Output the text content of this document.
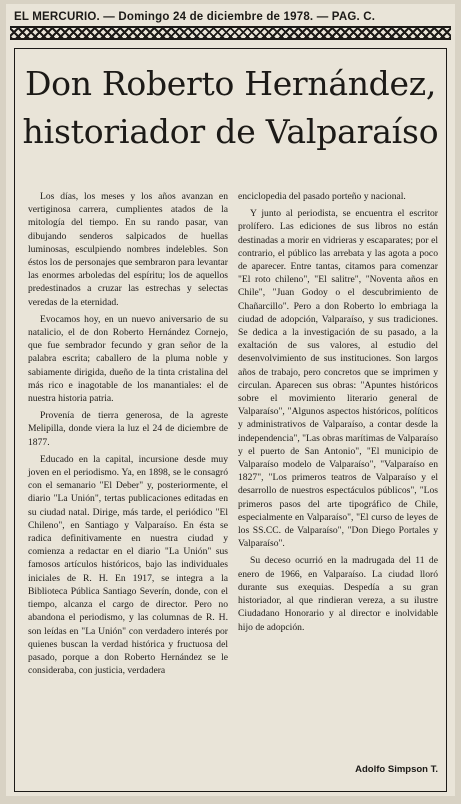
EL MERCURIO. — Domingo 24 de diciembre de 1978. — PAG. C.
Don Roberto Hernández,
historiador de Valparaíso

Los días, los meses y los años avanzan en vertiginosa carrera, cumplientes atados de la mitología del tiempo. En su rando pasar, van dibujando senderos salpicados de huellas luminosas, esculpiendo nombres indelebles. Son éstos los de personajes que sembraron para levantar las enormes arboledas del espíritu; los de aquellos predestinados a cruzar las estrechas y selectas veredas de la eternidad.

Evocamos hoy, en un nuevo aniversario de su natalicio, el de don Roberto Hernández Cornejo, que fue sembrador fecundo y gran señor de la palabra escrita; caballero de la pluma noble y sabiamente dirigida, dueño de la tinta cristalina del más rico e inagotable de los manantiales: el de nuestra historia patria.

Provenía de tierra generosa, de la agreste Melipilla, donde viera la luz el 24 de diciembre de 1877.

Educado en la capital, incursione desde muy joven en el periodismo. Ya, en 1898, se le consagró con el semanario "El Deber" y, posteriormente, el diario "La Unión", tertas publicaciones editadas en su ciudad natal. Dirige, más tarde, el periódico "El Chileno", en Santiago y Valparaíso. En ésta se radica definitivamente en nuestra ciudad y comienza a redactar en el diario "La Unión" sus famosos artículos históricos, bajo las individuales iniciales de R. H. En 1917, se integra a la Biblioteca Pública Santiago Severín, donde, con el tiempo, alcanza el cargo de director. Pero no abandona el periodismo, y las columnas de R. H. son leídas en "La Unión" con verdadero interés por quienes buscan la verdad histórica y fructuosa del pasado, porque a don Roberto Hernández se le consideraba, con justicia, verdadera

enciclopedia del pasado porteño y nacional.

Y junto al periodista, se encuentra el escritor prolífero. Las ediciones de sus libros no están destinadas a morir en vidrieras y escaparates; por el contrario, el público las arrebata y las agota a poco de aparecer. Entre tantas, citamos para comenzar "El roto chileno", "El salitre", "Noventa años en Chile", "Juan Godoy o el descubrimiento de Chañarcillo". Pero a don Roberto lo embriaga la ciudad de adopción, Valparaíso, y sus tradiciones. Se dedica a la investigación de su pasado, a la exaltación de sus valores, al estudio del desenvolvimiento de sus instituciones. Son largos años de trabajo, pero concretos que se imprimen y circulan. Aparecen sus obras: "Apuntes históricos sobre el movimiento literario general de Valparaíso", "Algunos aspectos históricos, políticos y administrativos de Valparaíso, a contar desde la independencia", "Las obras marítimas de Valparaíso y el puerto de San Antonio", "El municipio de Valparaíso modelo de Valparaíso", "Valparaíso en 1827", "Los primeros teatros de Valparaíso y el desarrollo de nuestros espectáculos públicos", "Los primeros pasos del arte tipográfico de Chile, especialmente en Valparaíso", "El curso de leyes de los SS.CC. de Valparaíso", "Don Diego Portales y Valparaíso".

Su deceso ocurrió en la madrugada del 11 de enero de 1966, en Valparaíso. La ciudad lloró durante sus exequias. Despedía a su gran historiador, al que rindieran vereza, a su ilustre Ciudadano Honorario y al director e inolvidable hijo de adopción.

Adolfo Simpson T.
